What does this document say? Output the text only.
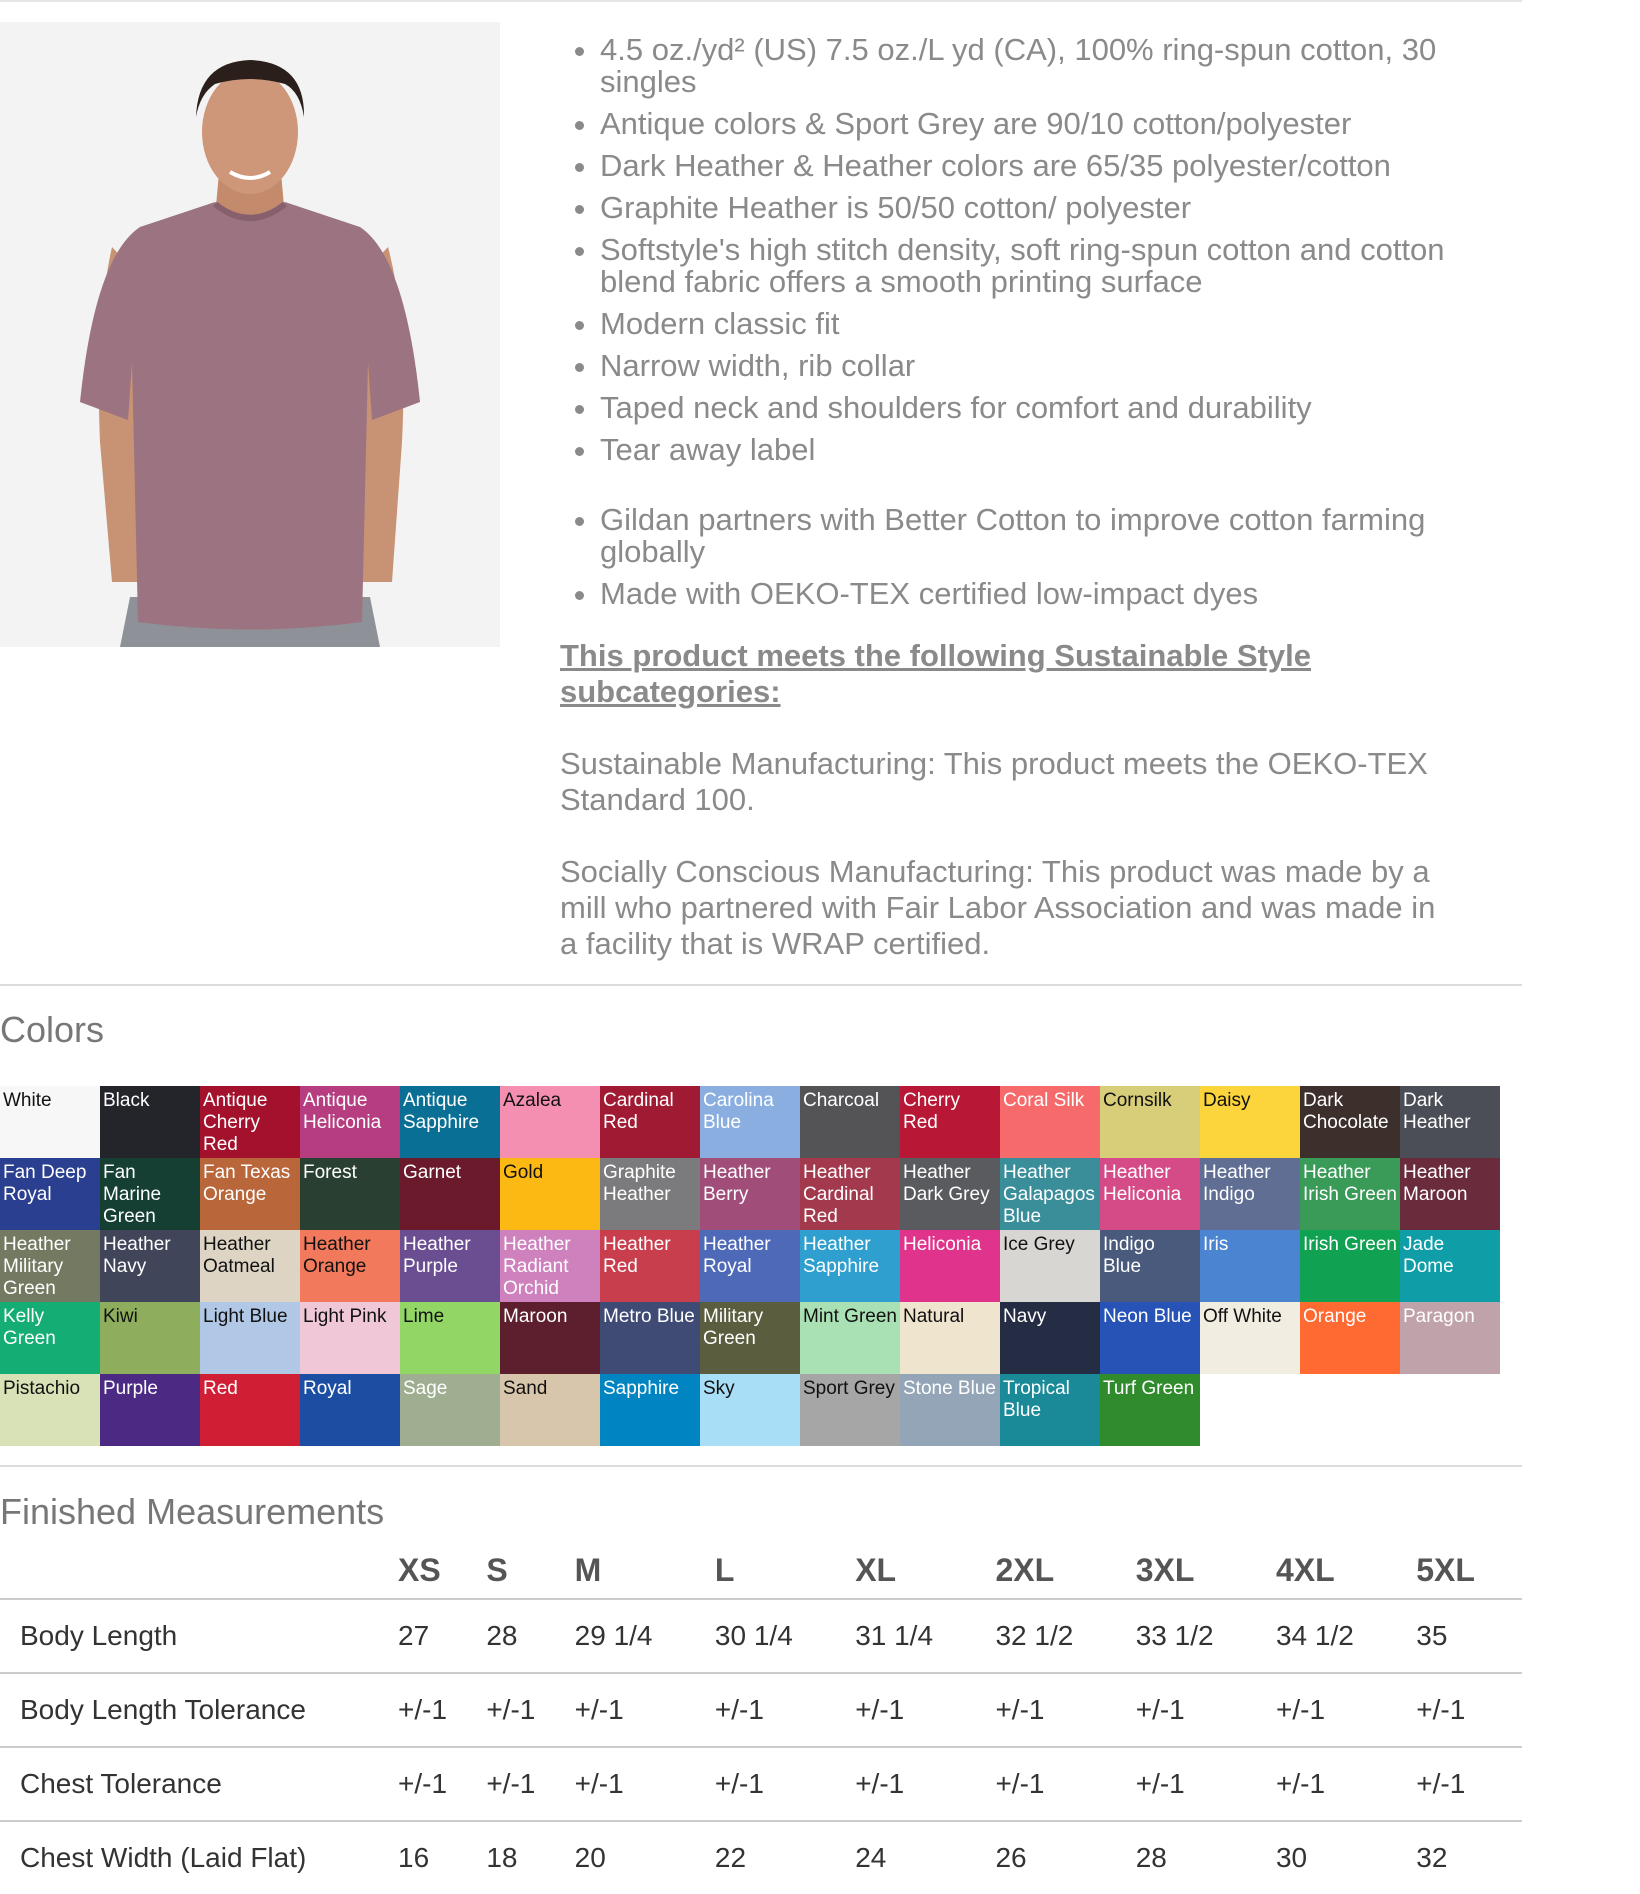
• 4.5 oz./yd² (US) 7.5 oz./L yd (CA), 100% ring-spun cotton, 30 singles
• Antique colors & Sport Grey are 90/10 cotton/polyester
• Dark Heather & Heather colors are 65/35 polyester/cotton
• Graphite Heather is 50/50 cotton/ polyester
• Softstyle's high stitch density, soft ring-spun cotton and cotton blend fabric offers a smooth printing surface
• Modern classic fit
• Narrow width, rib collar
• Taped neck and shoulders for comfort and durability
• Tear away label
• Gildan partners with Better Cotton to improve cotton farming globally
• Made with OEKO-TEX certified low-impact dyes
This product meets the following Sustainable Style subcategories:

Sustainable Manufacturing: This product meets the OEKO-TEX Standard 100.

Socially Conscious Manufacturing: This product was made by a mill who partnered with Fair Labor Association and was made in a facility that is WRAP certified.

Colors
White	Black	Antique Cherry Red
Antique Heliconia
Antique Sapphire
Azalea	Cardinal Red
Carolina Blue
Charcoal	Cherry Red
Coral Silk Cornsilk	Daisy	Dark Chocolate
Dark Heather
Fan Deep Royal
Fan Marine Green
Fan Texas Orange
Forest	Garnet	Gold	Graphite Heather
Heather Berry
Heather Cardinal Red
Heather Dark Grey
Heather Galapagos Blue
Heather Heliconia
Heather Indigo
Heather Irish Green
Heather Maroon
Heather Military Green
Heather Navy
Heather Oatmeal
Heather Orange
Heather Purple
Heather Radiant Orchid
Heather Red
Heather Royal
Heather Sapphire
Heliconia	Ice Grey	Indigo Blue
Iris	Irish Green Jade Dome
Kelly Green
Kiwi	Light Blue Light Pink Lime	Maroon	Metro Blue Military Green
Mint Green Natural	Navy	Neon Blue Off White	Orange	Paragon
Pistachio	Purple	Red	Royal	Sage	Sand	Sapphire	Sky	Sport Grey Stone Blue Tropical Blue
Turf Green
Finished Measurements
	XS	S	M	L	XL	2XL	3XL	4XL	5XL
Body Length	27	28	29 1/4	30 1/4	31 1/4	32 1/2	33 1/2	34 1/2	35
Body Length Tolerance	+/-1	+/-1	+/-1	+/-1	+/-1	+/-1	+/-1	+/-1	+/-1
Chest Tolerance	+/-1	+/-1	+/-1	+/-1	+/-1	+/-1	+/-1	+/-1	+/-1
Chest Width (Laid Flat)	16	18	20	22	24	26	28	30	32
